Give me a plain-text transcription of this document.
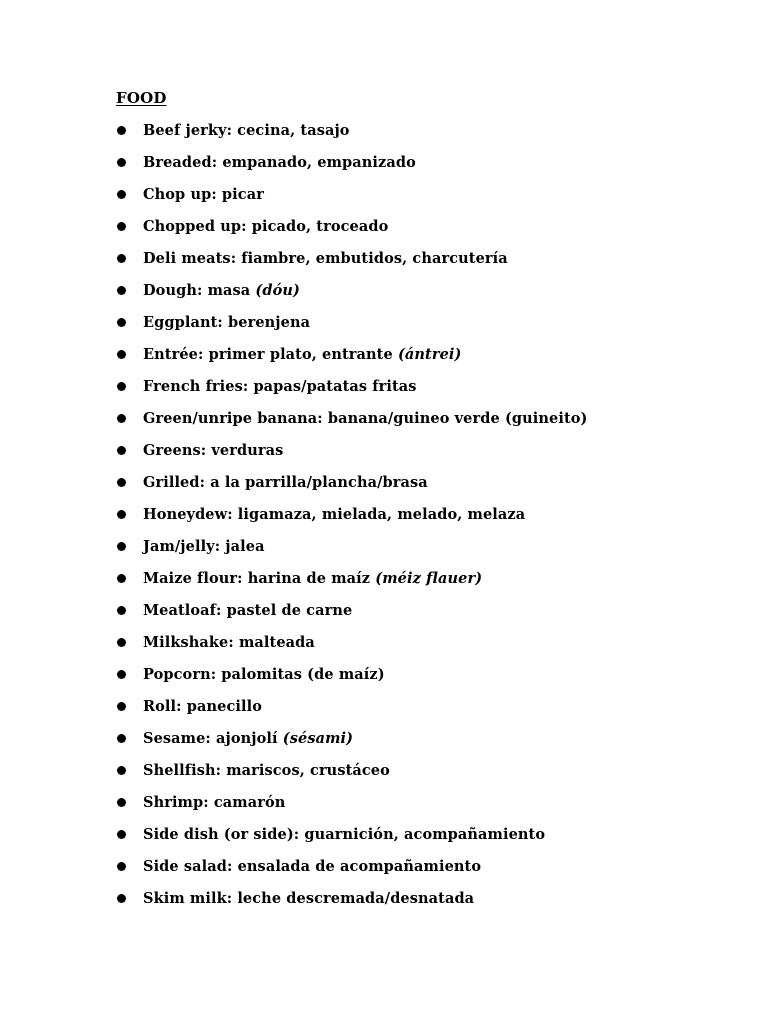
FOOD
Beef jerky: cecina, tasajo
Breaded: empanado, empanizado
Chop up: picar
Chopped up: picado, troceado
Deli meats: fiambre, embutidos, charcutería
Dough: masa (dóu)
Eggplant: berenjena
Entrée: primer plato, entrante (ántrei)
French fries: papas/patatas fritas
Green/unripe banana: banana/guineo verde (guineito)
Greens: verduras
Grilled: a la parrilla/plancha/brasa
Honeydew: ligamaza, mielada, melado, melaza
Jam/jelly: jalea
Maize flour: harina de maíz (méiz flauer)
Meatloaf: pastel de carne
Milkshake: malteada
Popcorn: palomitas (de maíz)
Roll: panecillo
Sesame: ajonjolí (sésami)
Shellfish: mariscos, crustáceo
Shrimp: camarón
Side dish (or side): guarnición, acompañamiento
Side salad: ensalada de acompañamiento
Skim milk: leche descremada/desnatada
